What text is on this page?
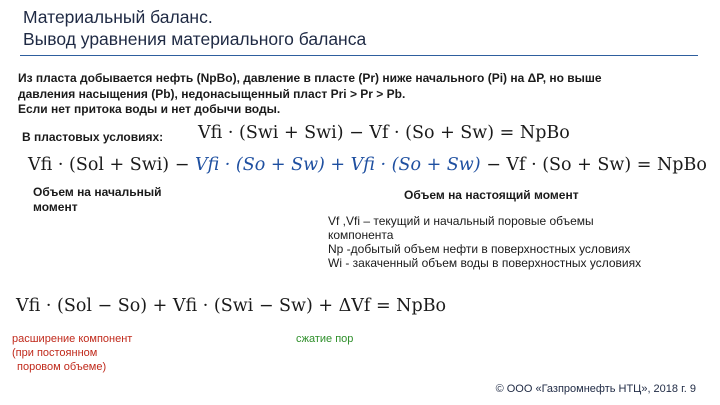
Материальный баланс.
Вывод уравнения материального баланса
Из пласта добывается нефть (NpBo), давление в пласте (Pr) ниже начального (Pi) на ΔP, но выше
давления насыщения (Pb), недонасыщенный пласт Pri > Pr > Pb.
Если нет притока воды и нет добычи воды.
В пластовых условиях: Vfi · (Swi + Swi) − Vf · (So + Sw) = NpBo
Vfi · (Sol + Swi) − Vfi · (So + Sw) + Vfi · (So + Sw) − Vf · (So + Sw) = NpBo
Объем на начальный
момент
Объем на настоящий момент
Vf ,Vfi – текущий и начальный поровые объемы
компонента
Np -добытый объем нефти в поверхностных условиях
Wi - закаченный объем воды в поверхностных условиях
Vfi · (Sol − So) + Vfi · (Swi − Sw) + ΔVf = NpBo
расширение компонент
(при постоянном
поровом объеме)
сжатие пор
© ООО «Газпромнефть НТЦ», 2018 г. 9
